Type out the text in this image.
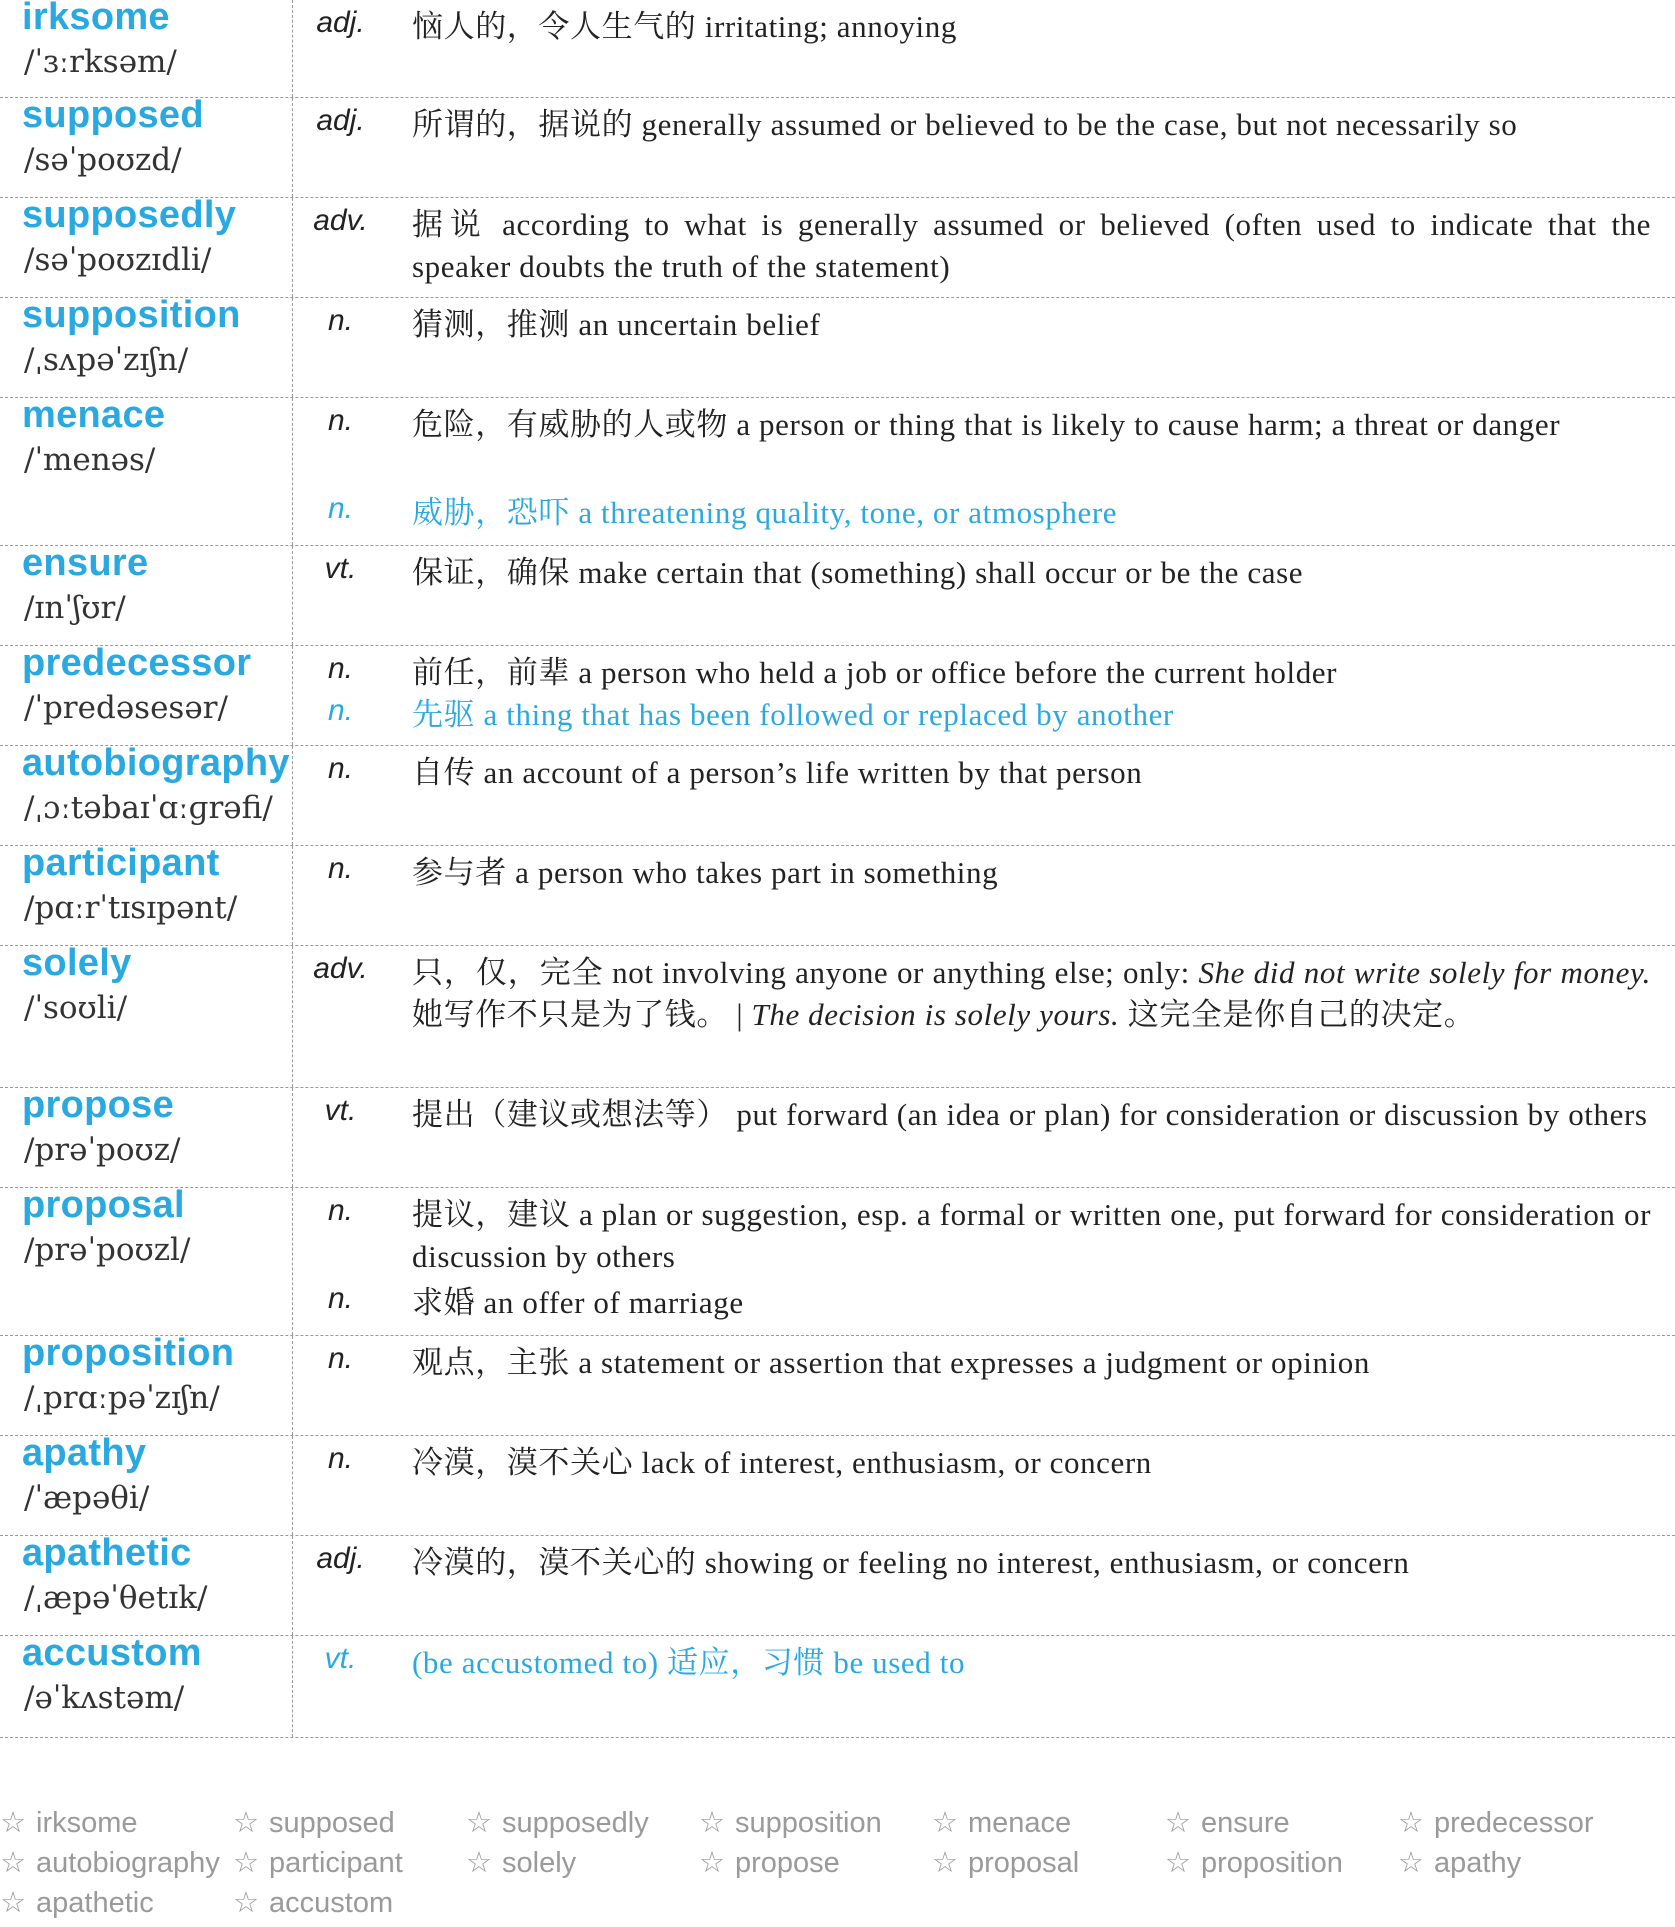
irksome
/ˈɜːrksəm/
adj.	恼人的，令人生气的 irritating; annoying
supposed
/səˈpoʊzd/
adj.	所谓的，据说的 generally assumed or believed to be the case, but not necessarily so
supposedly
/səˈpoʊzɪdli/
adv.	据说 according to what is generally assumed or believed (often used to indicate that the speaker doubts the truth of the statement)
supposition
/ˌsʌpəˈzɪʃn/
n.	猜测，推测 an uncertain belief
menace
/ˈmenəs/
n.	危险，有威胁的人或物 a person or thing that is likely to cause harm; a threat or danger
n.	威胁，恐吓 a threatening quality, tone, or atmosphere
ensure
/ɪnˈʃʊr/
vt.	保证，确保 make certain that (something) shall occur or be the case
predecessor
/ˈpredəsesər/
n.	前任，前辈 a person who held a job or office before the current holder
n.	先驱 a thing that has been followed or replaced by another
autobiography
/ˌɔːtəbaɪˈɑːɡrəfi/
n.	自传 an account of a person’s life written by that person
participant
/pɑːrˈtɪsɪpənt/
n.	参与者 a person who takes part in something
solely
/ˈsoʊli/
adv.	只，仅，完全 not involving anyone or anything else; only: She did not write solely for money. 她写作不只是为了钱。 | The decision is solely yours. 这完全是你自己的决定。
propose
/prəˈpoʊz/
vt.	提出（建议或想法等） put forward (an idea or plan) for consideration or discussion by others
proposal
/prəˈpoʊzl/
n.	提议，建议 a plan or suggestion, esp. a formal or written one, put forward for consideration or discussion by others
n.	求婚 an offer of marriage
proposition
/ˌprɑːpəˈzɪʃn/
n.	观点，主张 a statement or assertion that expresses a judgment or opinion
apathy
/ˈæpəθi/
n.	冷漠，漠不关心 lack of interest, enthusiasm, or concern
apathetic
/ˌæpəˈθetɪk/
adj.	冷漠的，漠不关心的 showing or feeling no interest, enthusiasm, or concern
accustom
/əˈkʌstəm/
vt.	(be accustomed to) 适应，习惯 be used to
☆ irksome	☆ supposed ☆ supposedly ☆ supposition ☆ menace	☆ ensure	☆ predecessor
☆ autobiography ☆ participant ☆ solely	☆ propose	☆ proposal	☆ proposition ☆ apathy
☆ apathetic	☆ accustom
